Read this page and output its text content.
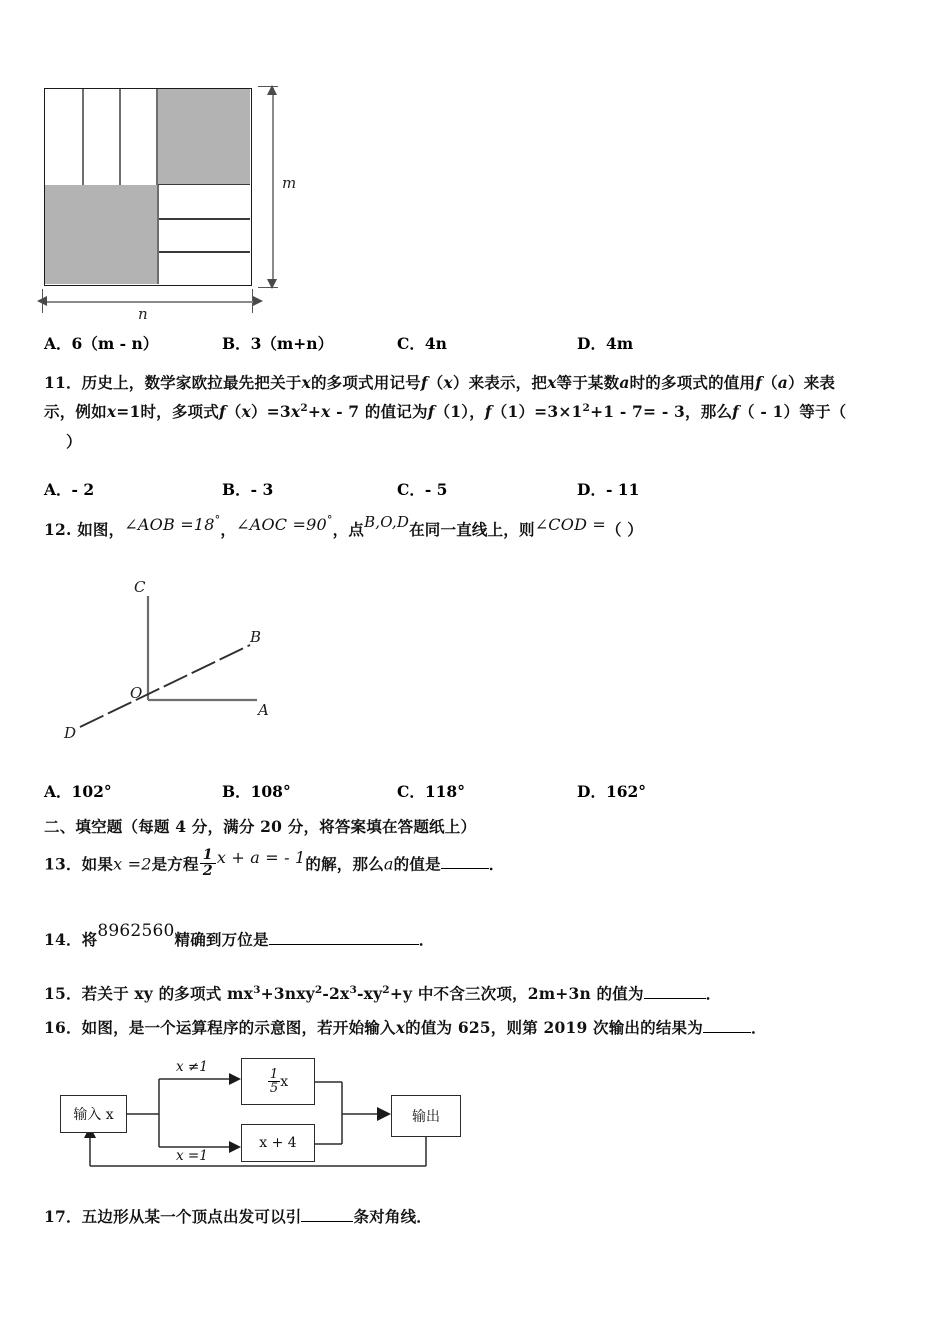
m
n
A．6（m - n）	B．3（m+n）	C．4n	D．4m
11．历史上，数学家欧拉最先把关于x的多项式用记号f（x）来表示，把x等于某数a时的多项式的值用f（a）来表
示，例如x=1时，多项式$f(x)=3x^2+x - 7$ 的值记为f（1），$f(1)=3\times 1^2+1 - 7= - 3$，那么f（ - 1）等于（
）
A．- 2	B．- 3	C．- 5	D．- 11
12. 如图，∠AOB =18°，∠AOC =90°，点B,O,D在同一直线上，则∠COD =（ ）
C
B
O
A
D
A．102°	B．108°	C．118°	D．162°
二、填空题（每题 4 分，满分 20 分，将答案填在答题纸上）
13．如果x =2是方程 $\frac{1}{2}$ x + a = - 1的解，那么a的值是	．
14．将8962560精确到万位是	．
15．若关于 xy 的多项式 $mx^3+3nxy^2-2x^3-xy^2+y$ 中不含三次项，2m+3n 的值为	．
16．如图，是一个运算程序的示意图，若开始输入x的值为 625，则第 2019 次输出的结果为	．
输入 x
$\frac{1}{5}$ x
x + 4
输出
x ≠1
x =1
17．五边形从某一个顶点出发可以引	条对角线．
